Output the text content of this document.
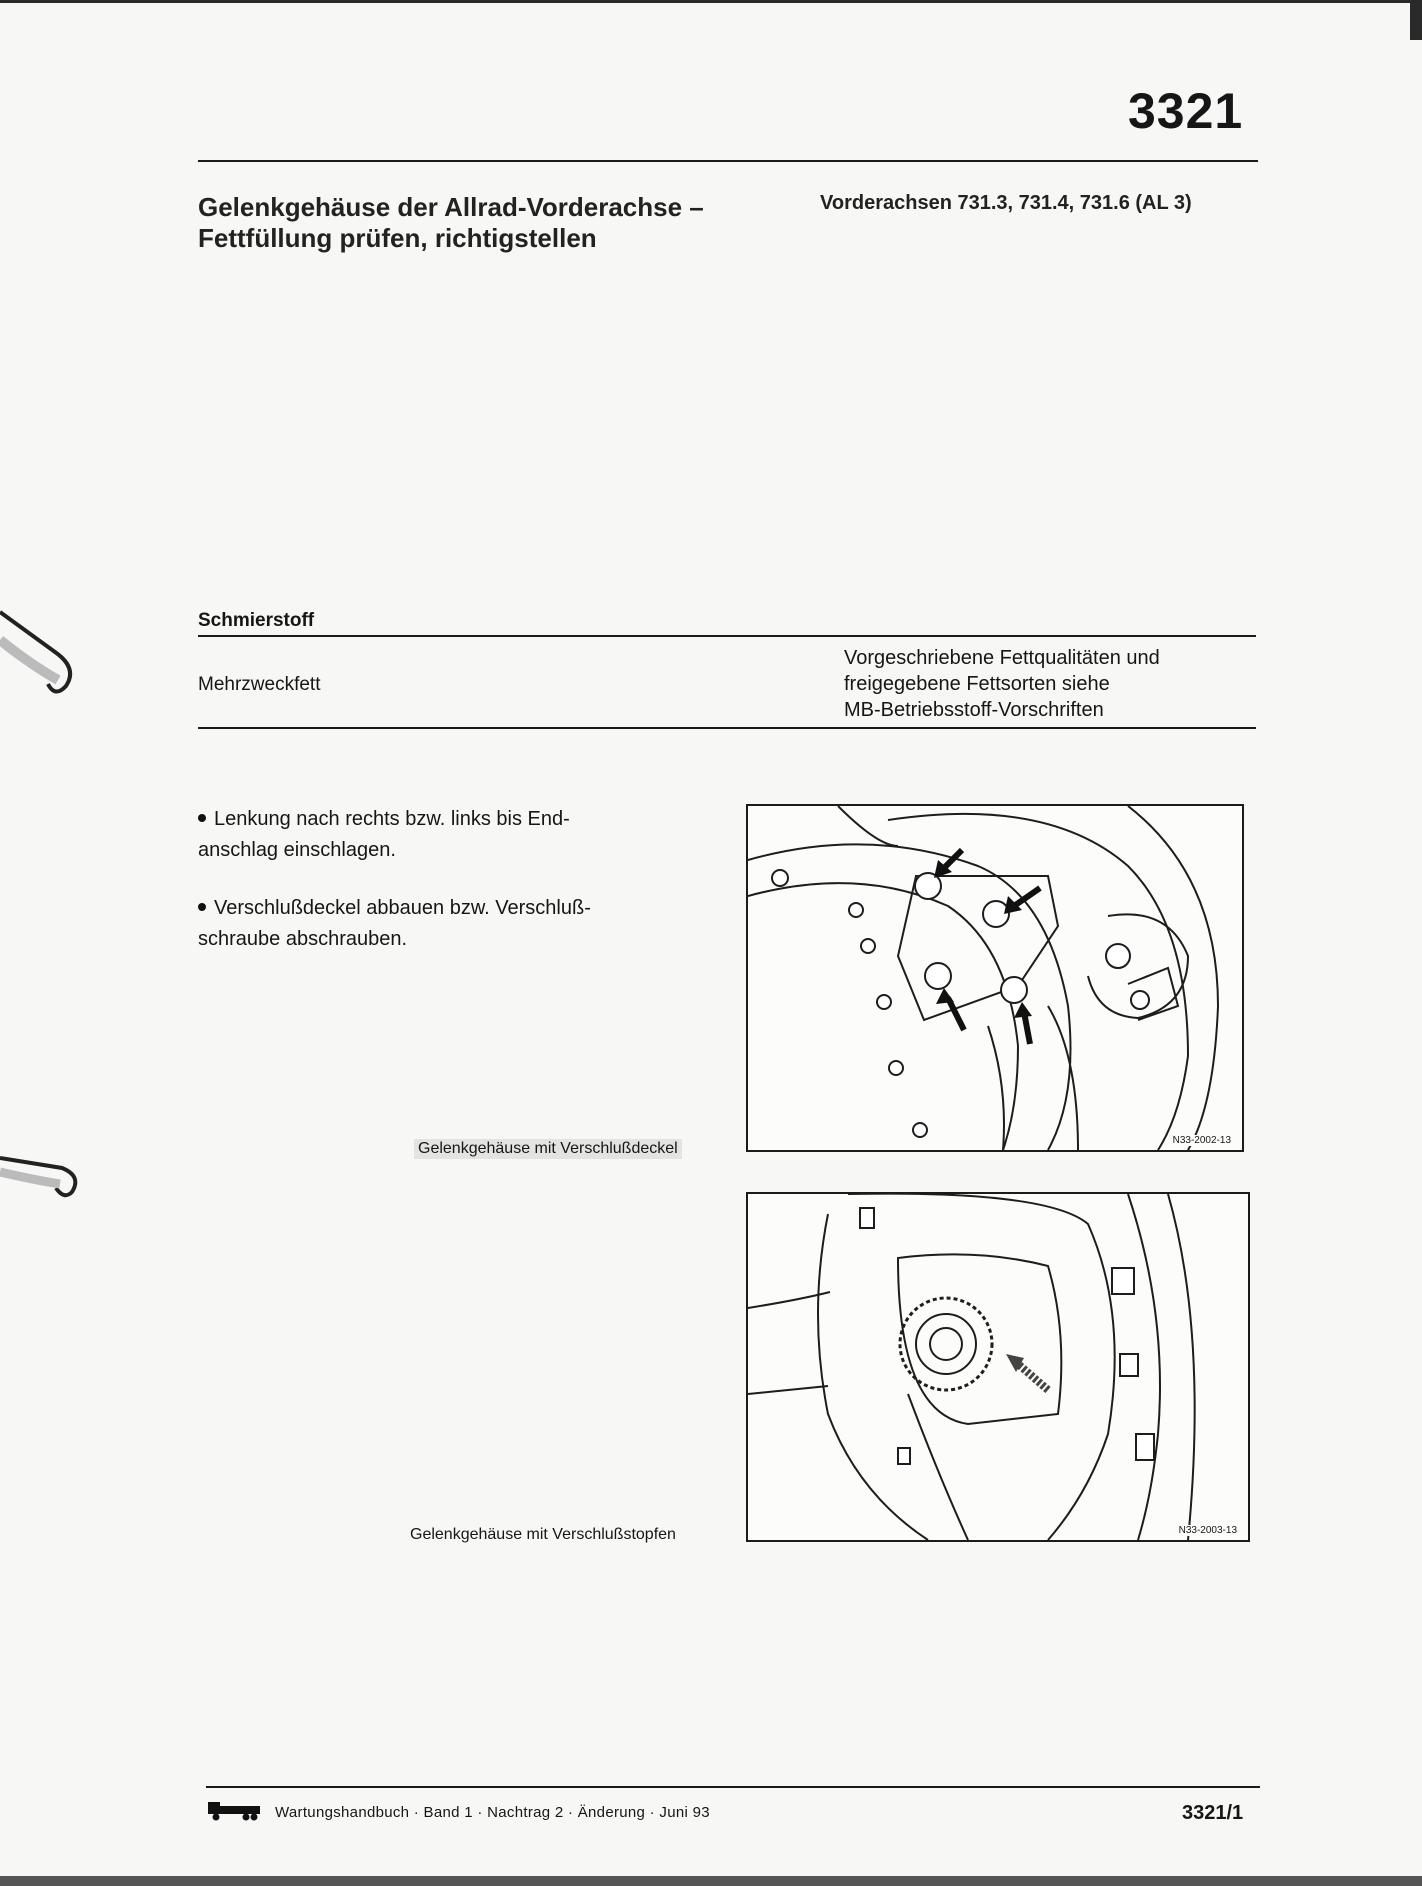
3321
Gelenkgehäuse der Allrad-Vorderachse –
Fettfüllung prüfen, richtigstellen
Vorderachsen 731.3, 731.4, 731.6 (AL 3)
Schmierstoff
Mehrzweckfett
Vorgeschriebene Fettqualitäten und
freigegebene Fettsorten siehe
MB-Betriebsstoff-Vorschriften
Lenkung nach rechts bzw. links bis End-
anschlag einschlagen.
Verschlußdeckel abbauen bzw. Verschluß-
schraube abschrauben.
N33-2002-13
Gelenkgehäuse mit Verschlußdeckel
N33-2003-13
Gelenkgehäuse mit Verschlußstopfen
Wartungshandbuch · Band 1 · Nachtrag 2 · Änderung · Juni 93	3321/1
